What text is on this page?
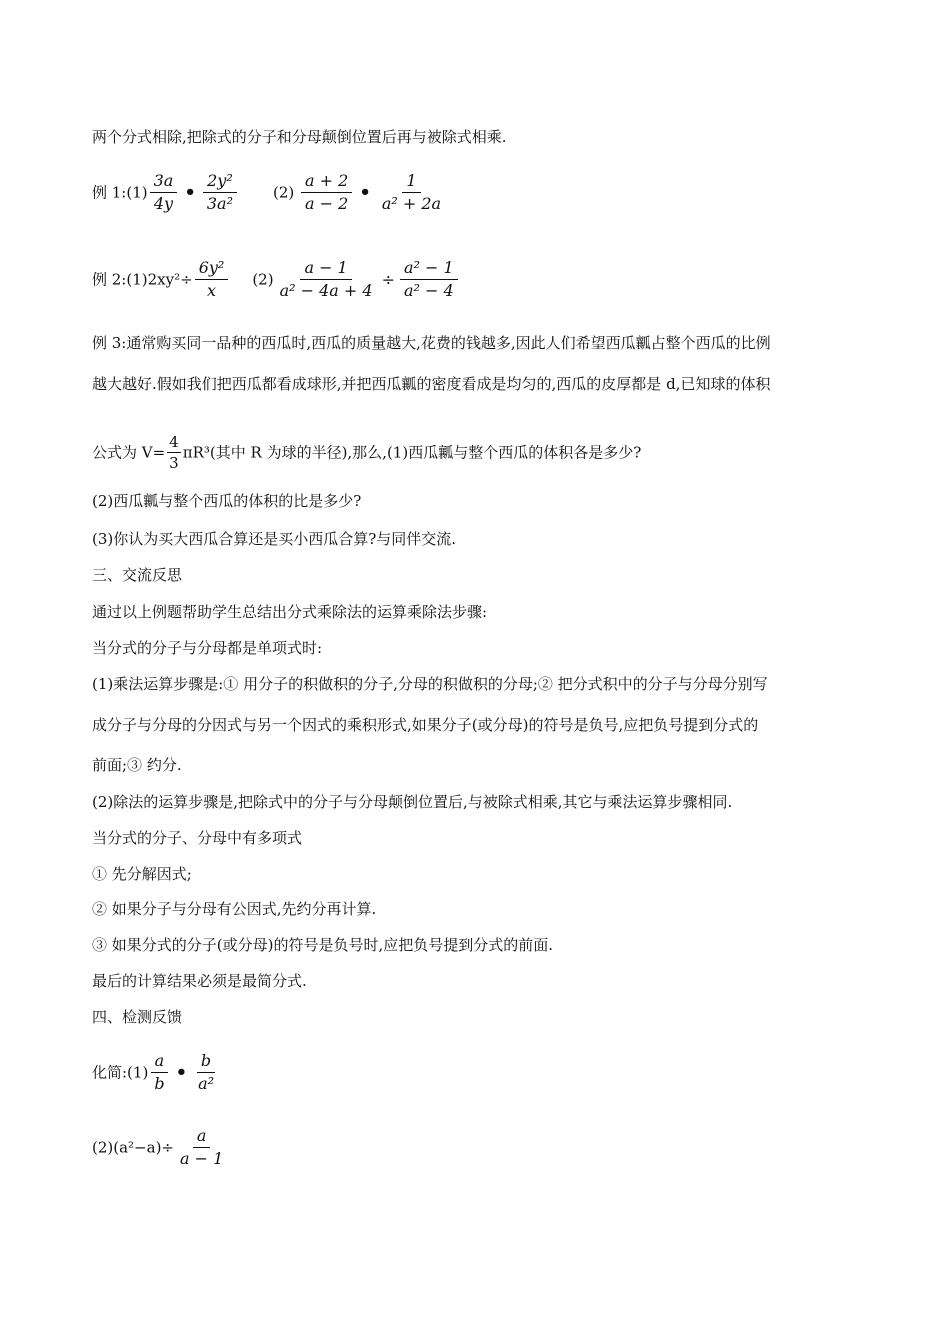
两个分式相除,把除式的分子和分母颠倒位置后再与被除式相乘.
例 1:(1) $\frac{3a}{4y}$ • $\frac{\text{2y²}}{\text{3a²}} (2) \frac{a + 2}{a - 2}$ • $\frac{1}{\text{a² + 2a}}$
例 2:(1)2xy²÷ $\frac{\text{6y²}}{x} (2) \frac{a - 1}{\text{a² − 4a + 4}} \div \frac{\text{a² − 1}}{\text{a² − 4}}$
例 3:通常购买同一品种的西瓜时,西瓜的质量越大,花费的钱越多,因此人们希望西瓜瓤占整个西瓜的比例
越大越好.假如我们把西瓜都看成球形,并把西瓜瓤的密度看成是均匀的,西瓜的皮厚都是 d,已知球的体积
公式为 $V= \frac{4}{3} \pi R^3$(其中 R 为球的半径),那么,(1)西瓜瓤与整个西瓜的体积各是多少?
(2)西瓜瓤与整个西瓜的体积的比是多少?
(3)你认为买大西瓜合算还是买小西瓜合算?与同伴交流.
三、交流反思
通过以上例题帮助学生总结出分式乘除法的运算乘除法步骤:
当分式的分子与分母都是单项式时:
(1)乘法运算步骤是:① 用分子的积做积的分子,分母的积做积的分母;② 把分式积中的分子与分母分别写
成分子与分母的分因式与另一个因式的乘积形式,如果分子(或分母)的符号是负号,应把负号提到分式的
前面;③ 约分.
(2)除法的运算步骤是,把除式中的分子与分母颠倒位置后,与被除式相乘,其它与乘法运算步骤相同.
当分式的分子、分母中有多项式
① 先分解因式;
② 如果分子与分母有公因式,先约分再计算.
③ 如果分式的分子(或分母)的符号是负号时,应把负号提到分式的前面.
最后的计算结果必须是最简分式.
四、检测反馈
化简:(1) $\frac{a}{b}$ • $\frac{b}{\text{a²}}$
$(2)(a^2-a)\div \frac{a}{a - 1}$
